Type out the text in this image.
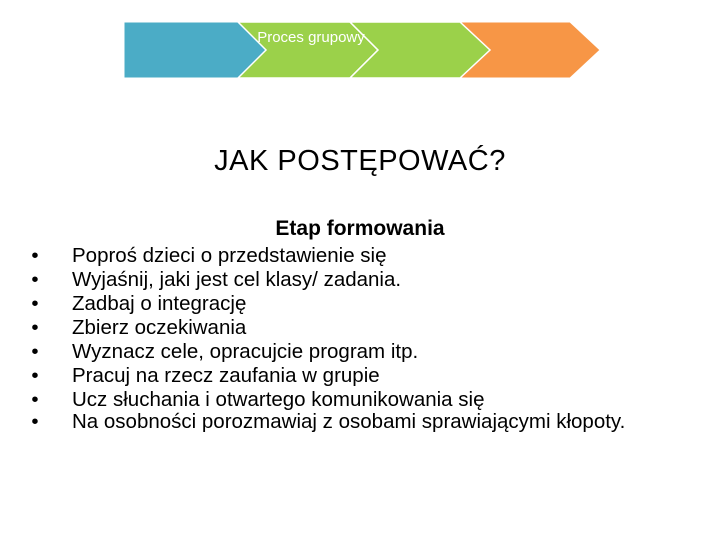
Proces grupowy
JAK POSTĘPOWAĆ?
Etap formowania
• Poproś dzieci o przedstawienie się
• Wyjaśnij, jaki jest cel klasy/ zadania.
• Zadbaj o integrację
• Zbierz oczekiwania
• Wyznacz cele, opracujcie program itp.
• Pracuj na rzecz zaufania w grupie
• Ucz słuchania i otwartego komunikowania się
• Na osobności porozmawiaj z osobami sprawiającymi kłopoty.
